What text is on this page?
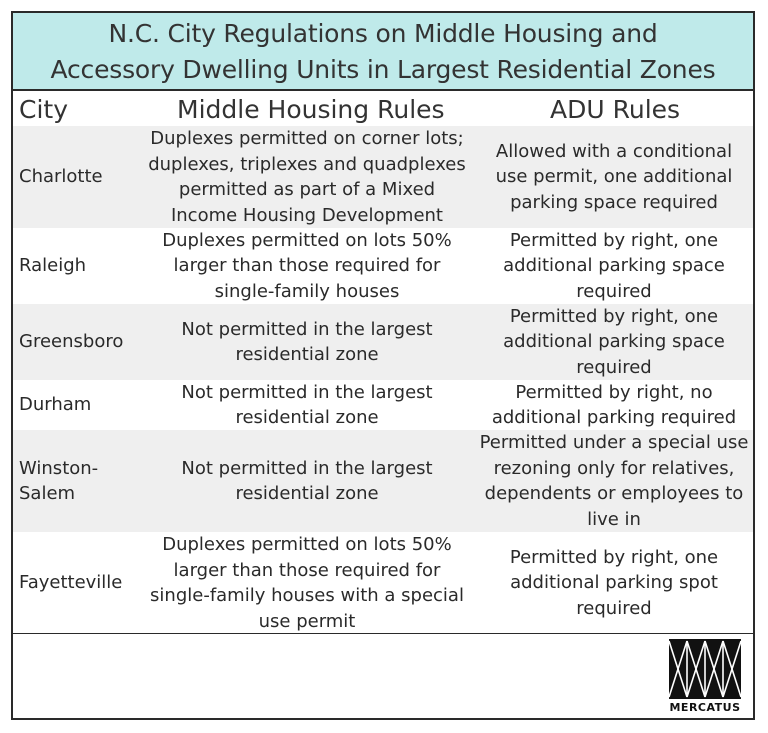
N.C. City Regulations on Middle Housing and
Accessory Dwelling Units in Largest Residential Zones
City	Middle Housing Rules	ADU Rules
Charlotte
Duplexes permitted on corner lots;
duplexes, triplexes and quadplexes
permitted as part of a Mixed
Income Housing Development
Allowed with a conditional
use permit, one additional
parking space required
Raleigh
Duplexes permitted on lots 50%
larger than those required for
single-family houses
Permitted by right, one
additional parking space
required
Greensboro
Not permitted in the largest
residential zone
Permitted by right, one
additional parking space
required
Durham
Not permitted in the largest
residential zone
Permitted by right, no
additional parking required
Winston-
Salem
Not permitted in the largest
residential zone
Permitted under a special use
rezoning only for relatives,
dependents or employees to
live in
Fayetteville
Duplexes permitted on lots 50%
larger than those required for
single-family houses with a special
use permit
Permitted by right, one
additional parking spot
required
MERCATUS
